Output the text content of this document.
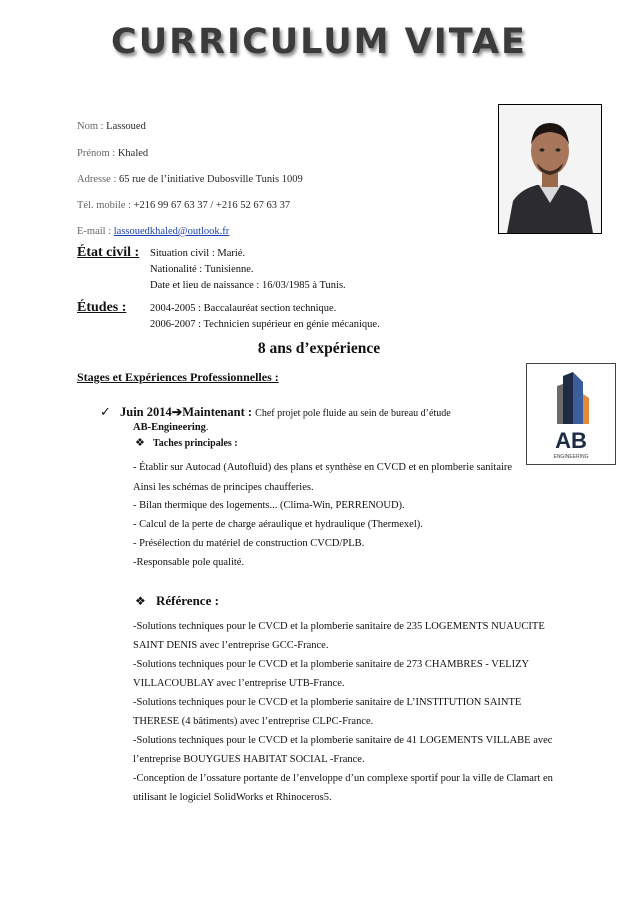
CURRICULUM VITAE
Nom : Lassoued
Prénom : Khaled
Adresse : 65 rue de l’initiative Dubosville Tunis 1009
Tél. mobile : +216 99 67 63 37 / +216 52 67 63 37
E-mail : lassouedkhaled@outlook.fr
État civil : Situation civil : Marié.
Nationalité : Tunisienne.
Date et lieu de naissance : 16/03/1985 à Tunis.
Études : 2004-2005 : Baccalauréat section technique.
2006-2007 : Technicien supérieur en génie mécanique.
8 ans d’expérience
Stages et Expériences Professionnelles :
AB
ENGINEERING
✓ Juin 2014➔Maintenant : Chef projet pole fluide au sein de bureau d’étude
AB-Engineering.
❖ Taches principales :
- Établir sur Autocad (Autofluid) des plans et synthèse en CVCD et en plomberie sanitaire
Ainsi les schémas de principes chaufferies.
- Bilan thermique des logements... (Clima-Win, PERRENOUD).
- Calcul de la perte de charge aéraulique et hydraulique (Thermexel).
- Présélection du matériel de construction CVCD/PLB.
-Responsable pole qualité.
❖ Référence :
-Solutions techniques pour le CVCD et la plomberie sanitaire de 235 LOGEMENTS NUAUCITE
SAINT DENIS avec l’entreprise GCC-France.
-Solutions techniques pour le CVCD et la plomberie sanitaire de 273 CHAMBRES - VELIZY
VILLACOUBLAY avec l’entreprise UTB-France.
-Solutions techniques pour le CVCD et la plomberie sanitaire de L’INSTITUTION SAINTE
THERESE (4 bâtiments) avec l’entreprise CLPC-France.
-Solutions techniques pour le CVCD et la plomberie sanitaire de 41 LOGEMENTS VILLABE avec
l’entreprise BOUYGUES HABITAT SOCIAL -France.
-Conception de l’ossature portante de l’enveloppe d’un complexe sportif pour la ville de Clamart en
utilisant le logiciel SolidWorks et Rhinoceros5.
